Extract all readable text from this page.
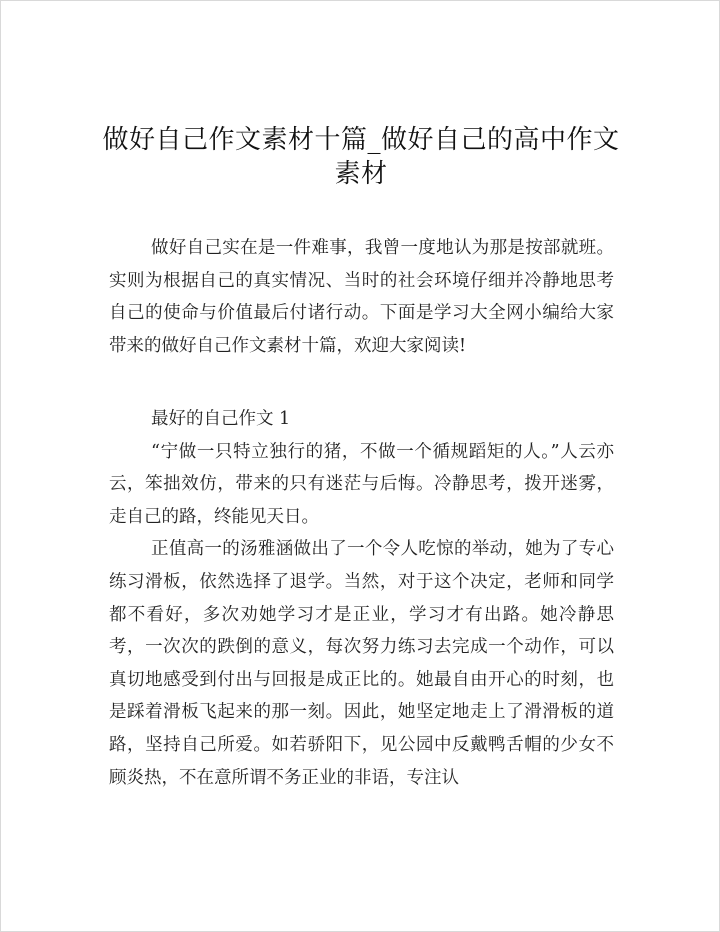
做好自己作文素材十篇_做好自己的高中作文
素材

做好自己实在是一件难事，我曾一度地认为那是按部就班。实则为根据自己的真实情况、当时的社会环境仔细并冷静地思考自己的使命与价值最后付诸行动。下面是学习大全网小编给大家带来的做好自己作文素材十篇，欢迎大家阅读!

最好的自己作文 1

“宁做一只特立独行的猪，不做一个循规蹈矩的人。”人云亦云，笨拙效仿，带来的只有迷茫与后悔。冷静思考，拨开迷雾，走自己的路，终能见天日。

正值高一的汤雅涵做出了一个令人吃惊的举动，她为了专心练习滑板，依然选择了退学。当然，对于这个决定，老师和同学都不看好，多次劝她学习才是正业，学习才有出路。她冷静思考，一次次的跌倒的意义，每次努力练习去完成一个动作，可以真切地感受到付出与回报是成正比的。她最自由开心的时刻，也是踩着滑板飞起来的那一刻。因此，她坚定地走上了滑滑板的道路，坚持自己所爱。如若骄阳下，见公园中反戴鸭舌帽的少女不顾炎热，不在意所谓不务正业的非语，专注认
